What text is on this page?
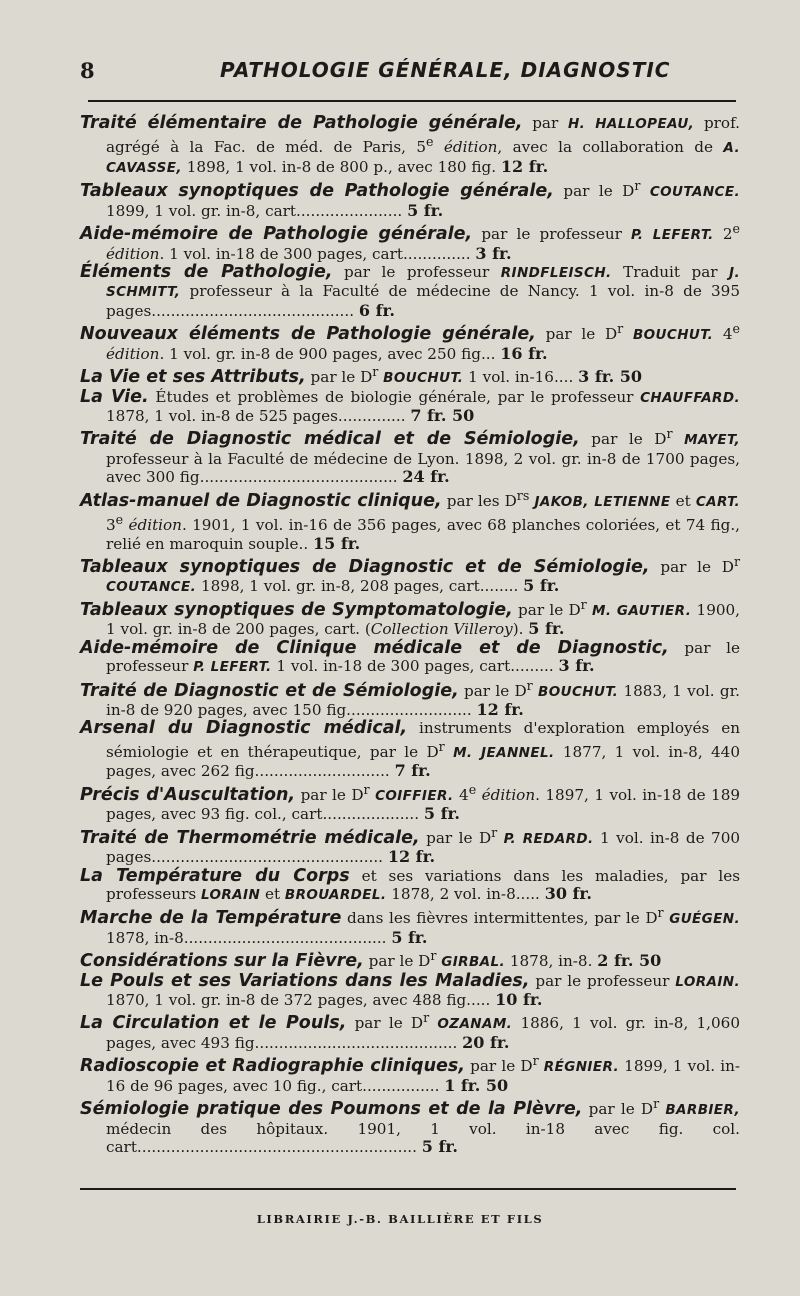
8	PATHOLOGIE GÉNÉRALE, DIAGNOSTIC

Traité élémentaire de Pathologie générale, par H. HALLOPEAU, prof. agrégé à la Fac. de méd. de Paris, 5e édition, avec la collaboration de A. CAVASSE, 1898, 1 vol. in-8 de 800 p., avec 180 fig. 12 fr.

Tableaux synoptiques de Pathologie générale, par le $D^r$ COUTANCE. 1899, 1 vol. gr. in-8, cart...................... 5 fr.

Aide-mémoire de Pathologie générale, par le professeur P. LEFERT. 2e édition. 1 vol. in-18 de 300 pages, cart.............. 3 fr.

Éléments de Pathologie, par le professeur RINDFLEISCH. Traduit par J. SCHMITT, professeur à la Faculté de médecine de Nancy. 1 vol. in-8 de 395 pages.......................................... 6 fr.

Nouveaux éléments de Pathologie générale, par le $D^r$ BOUCHUT. 4e édition. 1 vol. gr. in-8 de 900 pages, avec 250 fig... 16 fr.

La Vie et ses Attributs, par le $D^r$ BOUCHUT. 1 vol. in-16.... 3 fr. 50

La Vie. Études et problèmes de biologie générale, par le professeur CHAUFFARD. 1878, 1 vol. in-8 de 525 pages.............. 7 fr. 50

Traité de Diagnostic médical et de Sémiologie, par le $D^r$ MAYET, professeur à la Faculté de médecine de Lyon. 1898, 2 vol. gr. in-8 de 1700 pages, avec 300 fig......................................... 24 fr.

Atlas-manuel de Diagnostic clinique, par les $D^{rs}$ JAKOB, LETIENNE et CART. 3e édition. 1901, 1 vol. in-16 de 356 pages, avec 68 planches coloriées, et 74 fig., relié en maroquin souple.. 15 fr.

Tableaux synoptiques de Diagnostic et de Sémiologie, par le $D^r$ COUTANCE. 1898, 1 vol. gr. in-8, 208 pages, cart........ 5 fr.

Tableaux synoptiques de Symptomatologie, par le $D^r$ M. GAUTIER. 1900, 1 vol. gr. in-8 de 200 pages, cart. (Collection Villeroy). 5 fr.

Aide-mémoire de Clinique médicale et de Diagnostic, par le professeur P. LEFERT. 1 vol. in-18 de 300 pages, cart......... 3 fr.

Traité de Diagnostic et de Sémiologie, par le $D^r$ BOUCHUT. 1883, 1 vol. gr. in-8 de 920 pages, avec 150 fig.......................... 12 fr.

Arsenal du Diagnostic médical, instruments d'exploration employés en sémiologie et en thérapeutique, par le $D^r$ M. JEANNEL. 1877, 1 vol. in-8, 440 pages, avec 262 fig............................ 7 fr.

Précis d'Auscultation, par le $D^r$ COIFFIER. 4e édition. 1897, 1 vol. in-18 de 189 pages, avec 93 fig. col., cart.................... 5 fr.

Traité de Thermométrie médicale, par le $D^r$ P. REDARD. 1 vol. in-8 de 700 pages................................................ 12 fr.

La Température du Corps et ses variations dans les maladies, par les professeurs LORAIN et BROUARDEL. 1878, 2 vol. in-8..... 30 fr.

Marche de la Température dans les fièvres intermittentes, par le $D^r$ GUÉGEN. 1878, in-8.......................................... 5 fr.

Considérations sur la Fièvre, par le $D^r$ GIRBAL. 1878, in-8. 2 fr. 50

Le Pouls et ses Variations dans les Maladies, par le professeur LORAIN. 1870, 1 vol. gr. in-8 de 372 pages, avec 488 fig..... 10 fr.

La Circulation et le Pouls, par le $D^r$ OZANAM. 1886, 1 vol. gr. in-8, 1,060 pages, avec 493 fig.......................................... 20 fr.

Radioscopie et Radiographie cliniques, par le $D^r$ RÉGNIER. 1899, 1 vol. in-16 de 96 pages, avec 10 fig., cart................ 1 fr. 50

Sémiologie pratique des Poumons et de la Plèvre, par le $D^r$ BARBIER, médecin des hôpitaux. 1901, 1 vol. in-18 avec fig. col. cart.......................................................... 5 fr.

LIBRAIRIE J.-B. BAILLIÈRE ET FILS
